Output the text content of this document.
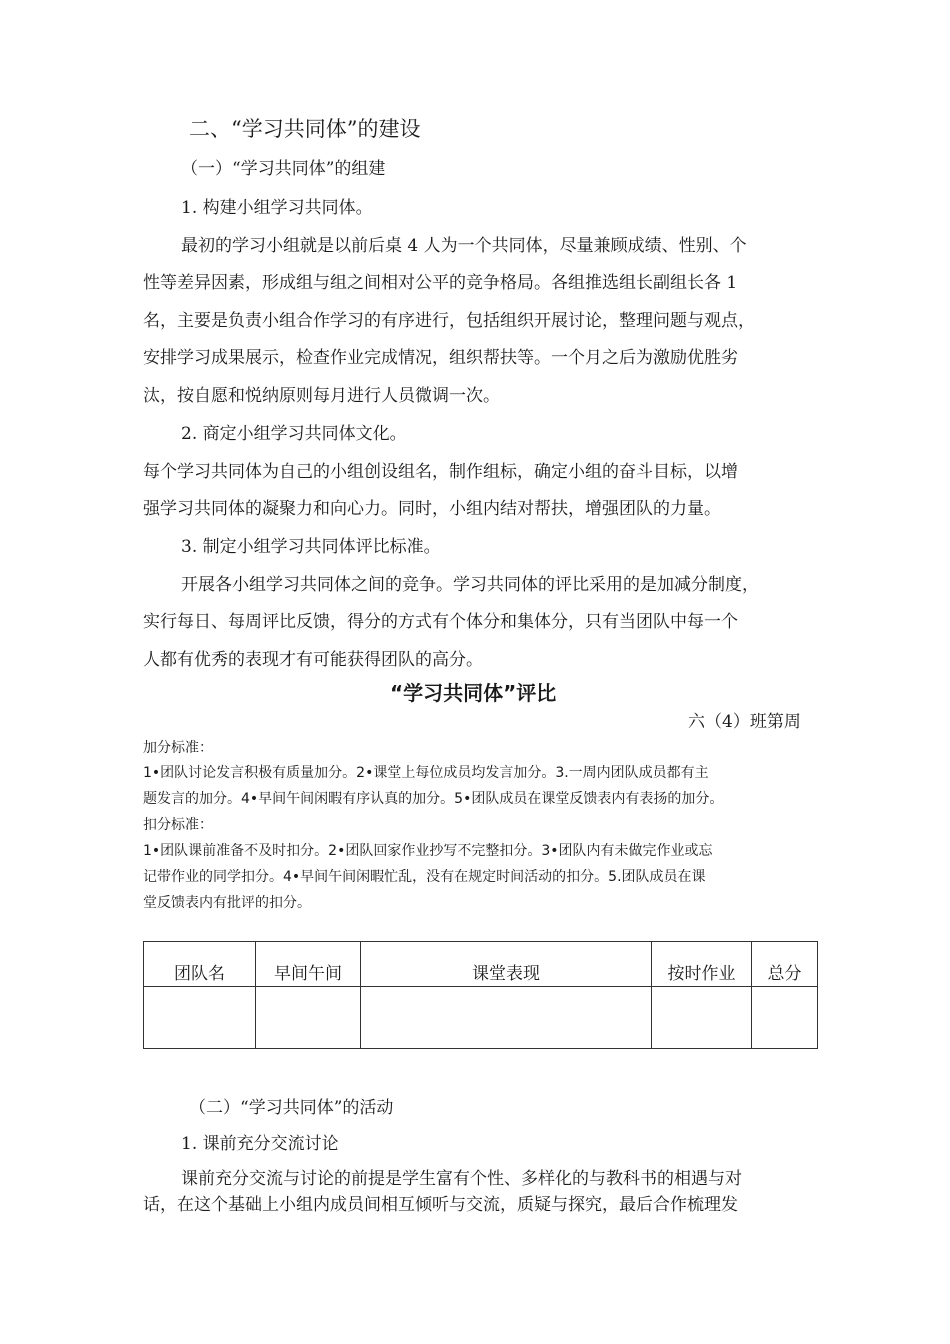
二、“学习共同体”的建设
（一）“学习共同体”的组建
1. 构建小组学习共同体。
最初的学习小组就是以前后桌 4 人为一个共同体，尽量兼顾成绩、性别、个
性等差异因素，形成组与组之间相对公平的竞争格局。各组推选组长副组长各 1
名，主要是负责小组合作学习的有序进行，包括组织开展讨论，整理问题与观点，
安排学习成果展示，检查作业完成情况，组织帮扶等。一个月之后为激励优胜劣
汰，按自愿和悦纳原则每月进行人员微调一次。
2. 商定小组学习共同体文化。
每个学习共同体为自己的小组创设组名，制作组标，确定小组的奋斗目标，以增
强学习共同体的凝聚力和向心力。同时，小组内结对帮扶，增强团队的力量。
3. 制定小组学习共同体评比标准。
开展各小组学习共同体之间的竞争。学习共同体的评比采用的是加减分制度，
实行每日、每周评比反馈，得分的方式有个体分和集体分，只有当团队中每一个
人都有优秀的表现才有可能获得团队的高分。
“学习共同体”评比
六（4）班第周
加分标准：
1•团队讨论发言积极有质量加分。2•课堂上每位成员均发言加分。3.一周内团队成员都有主
题发言的加分。4•早间午间闲暇有序认真的加分。5•团队成员在课堂反馈表内有表扬的加分。
扣分标准：
1•团队课前准备不及时扣分。2•团队回家作业抄写不完整扣分。3•团队内有未做完作业或忘
记带作业的同学扣分。4•早间午间闲暇忙乱，没有在规定时间活动的扣分。5.团队成员在课
堂反馈表内有批评的扣分。
团队名	早间午间	课堂表现	按时作业	总分

（二）“学习共同体”的活动
1. 课前充分交流讨论
课前充分交流与讨论的前提是学生富有个性、多样化的与教科书的相遇与对
话，在这个基础上小组内成员间相互倾听与交流，质疑与探究，最后合作梳理发
